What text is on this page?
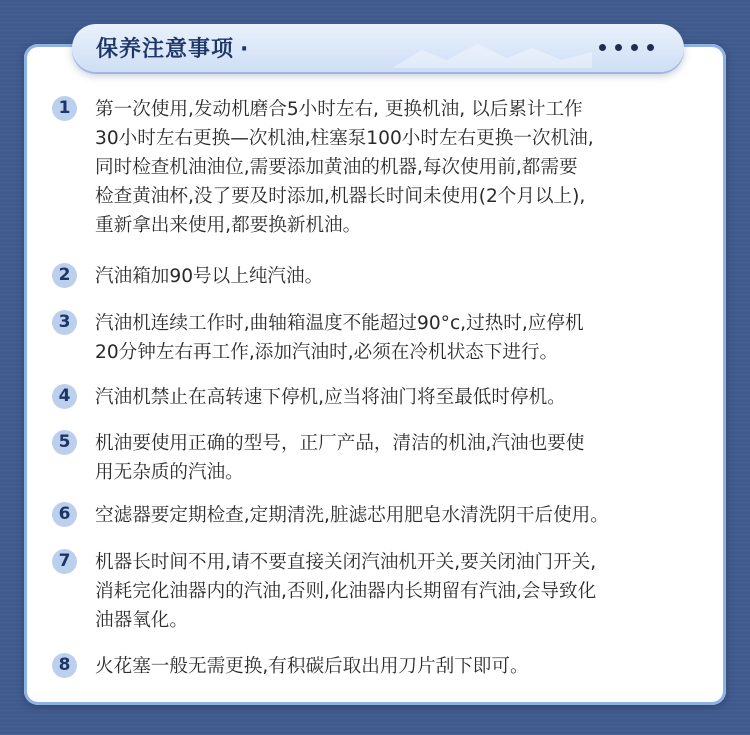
保养注意事项 ·
1	第一次使用,发动机磨合5小时左右, 更换机油, 以后累计工作
30小时左右更换—次机油,柱塞泵100小时左右更换一次机油,
同时检查机油油位,需要添加黄油的机器,每次使用前,都需要
检查黄油杯,没了要及时添加,机器长时间未使用(2个月以上),
重新拿出来使用,都要换新机油。
2	汽油箱加90号以上纯汽油。
3	汽油机连续工作时,曲轴箱温度不能超过90°c,过热时,应停机
20分钟左右再工作,添加汽油时,必须在冷机状态下进行。
4	汽油机禁止在高转速下停机,应当将油门将至最低时停机。
5	机油要使用正确的型号，正厂产品，清洁的机油,汽油也要使
用无杂质的汽油。
6	空滤器要定期检查,定期清洗,脏滤芯用肥皂水清洗阴干后使用。
7	机器长时间不用,请不要直接关闭汽油机开关,要关闭油门开关,
消耗完化油器内的汽油,否则,化油器内长期留有汽油,会导致化
油器氧化。
8	火花塞一般无需更换,有积碳后取出用刀片刮下即可。
